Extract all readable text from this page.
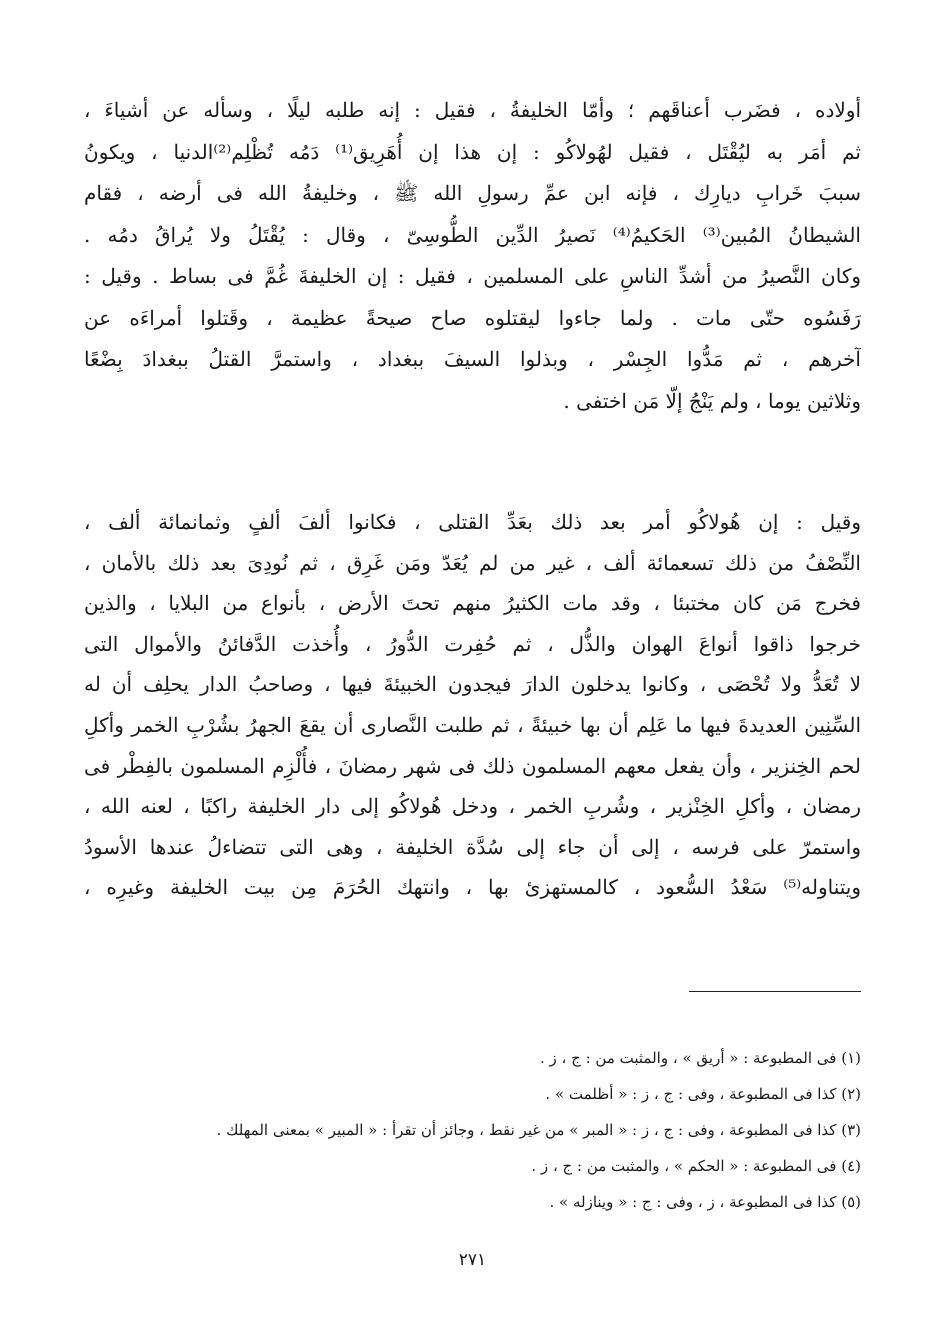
أولاده ، فضَرب أعناقَهم ؛ وأمّا الخليفةُ ، فقيل : إنه طلبه ليلًا ، وسأله عن أشياءَ ،
ثم أمَر به ليُقْتَل ، فقيل لهُولاكُو : إن هذا إن أُهَرِيق⁽¹⁾ دَمُه تُظْلِم⁽²⁾الدنيا ، ويكونُ
سببَ خَرابِ ديارِك ، فإنه ابن عمِّ رسولِ الله ﷺ ، وخليفةُ الله فى أرضه ، فقام
الشيطانُ المُبين⁽³⁾ الحَكيمُ⁽⁴⁾ نَصيرُ الدِّين الطُّوسِىّ ، وقال : يُقْتَلُ ولا يُراقُ دمُه .
وكان النَّصيرُ من أشدِّ الناسِ على المسلمين ، فقيل : إن الخليفةَ غُمَّ فى بساط . وقيل :
رَفَسُوه حتّى مات . ولما جاءوا ليقتلوه صاح صيحةً عظيمة ، وقَتلوا أمراءَه عن
آخرهم ، ثم مَدُّوا الجِسْر ، وبذلوا السيفَ ببغداد ، واستمرَّ القتلُ ببغدادَ بِضْعًا
وثلاثين يوما ، ولم يَنْجُ إلّا مَن اختفى .
وقيل : إن هُولاكُو أمر بعد ذلك بعَدِّ القتلى ، فكانوا ألفَ ألفٍ وثمانمائة ألف ،
النِّصْفُ من ذلك تسعمائة ألف ، غير من لم يُعَدّ ومَن غَرِق ، ثم نُودِىَ بعد ذلك بالأمان ،
فخرج مَن كان مختبئا ، وقد مات الكثيرُ منهم تحتَ الأرض ، بأنواع من البلايا ، والذين
خرجوا ذاقوا أنواعَ الهوان والذُّل ، ثم حُفِرت الدُّورُ ، وأُخذت الدَّفائنُ والأموال التى
لا تُعَدُّ ولا تُحْصَى ، وكانوا يدخلون الدارَ فيجدون الخبيئةَ فيها ، وصاحبُ الدار يحلِف أن له
السِّنِين العديدةَ فيها ما عَلِم أن بها خبيئةً ، ثم طلبت النَّصارى أن يقعَ الجهرُ بشُرْبِ الخمر وأكلِ
لحم الخِنزير ، وأن يفعل معهم المسلمون ذلك فى شهر رمضانَ ، فأُلْزِم المسلمون بالفِطْر فى
رمضان ، وأكلِ الخِنْزير ، وشُربِ الخمر ، ودخل هُولاكُو إلى دار الخليفة راكبًا ، لعنه الله ،
واستمرّ على فرسه ، إلى أن جاء إلى سُدَّة الخليفة ، وهى التى تتضاءلُ عندها الأسودُ
ويتناوله⁽⁵⁾ سَعْدُ السُّعود ، كالمستهزئ بها ، وانتهك الحُرَمَ مِن بيت الخليفة وغيرِه ،
(١) فى المطبوعة : « أريق » ، والمثبت من : ج ، ز .
(٢) كذا فى المطبوعة ، وفى : ج ، ز : « أظلمت » .
(٣) كذا فى المطبوعة ، وفى : ج ، ز : « المبر » من غير نقط ، وجائز أن تقرأ : « المبير » بمعنى المهلك .
(٤) فى المطبوعة : « الحكم » ، والمثبت من : ج ، ز .
(٥) كذا فى المطبوعة ، ز ، وفى : ج : « وينازله » .
٢٧١
